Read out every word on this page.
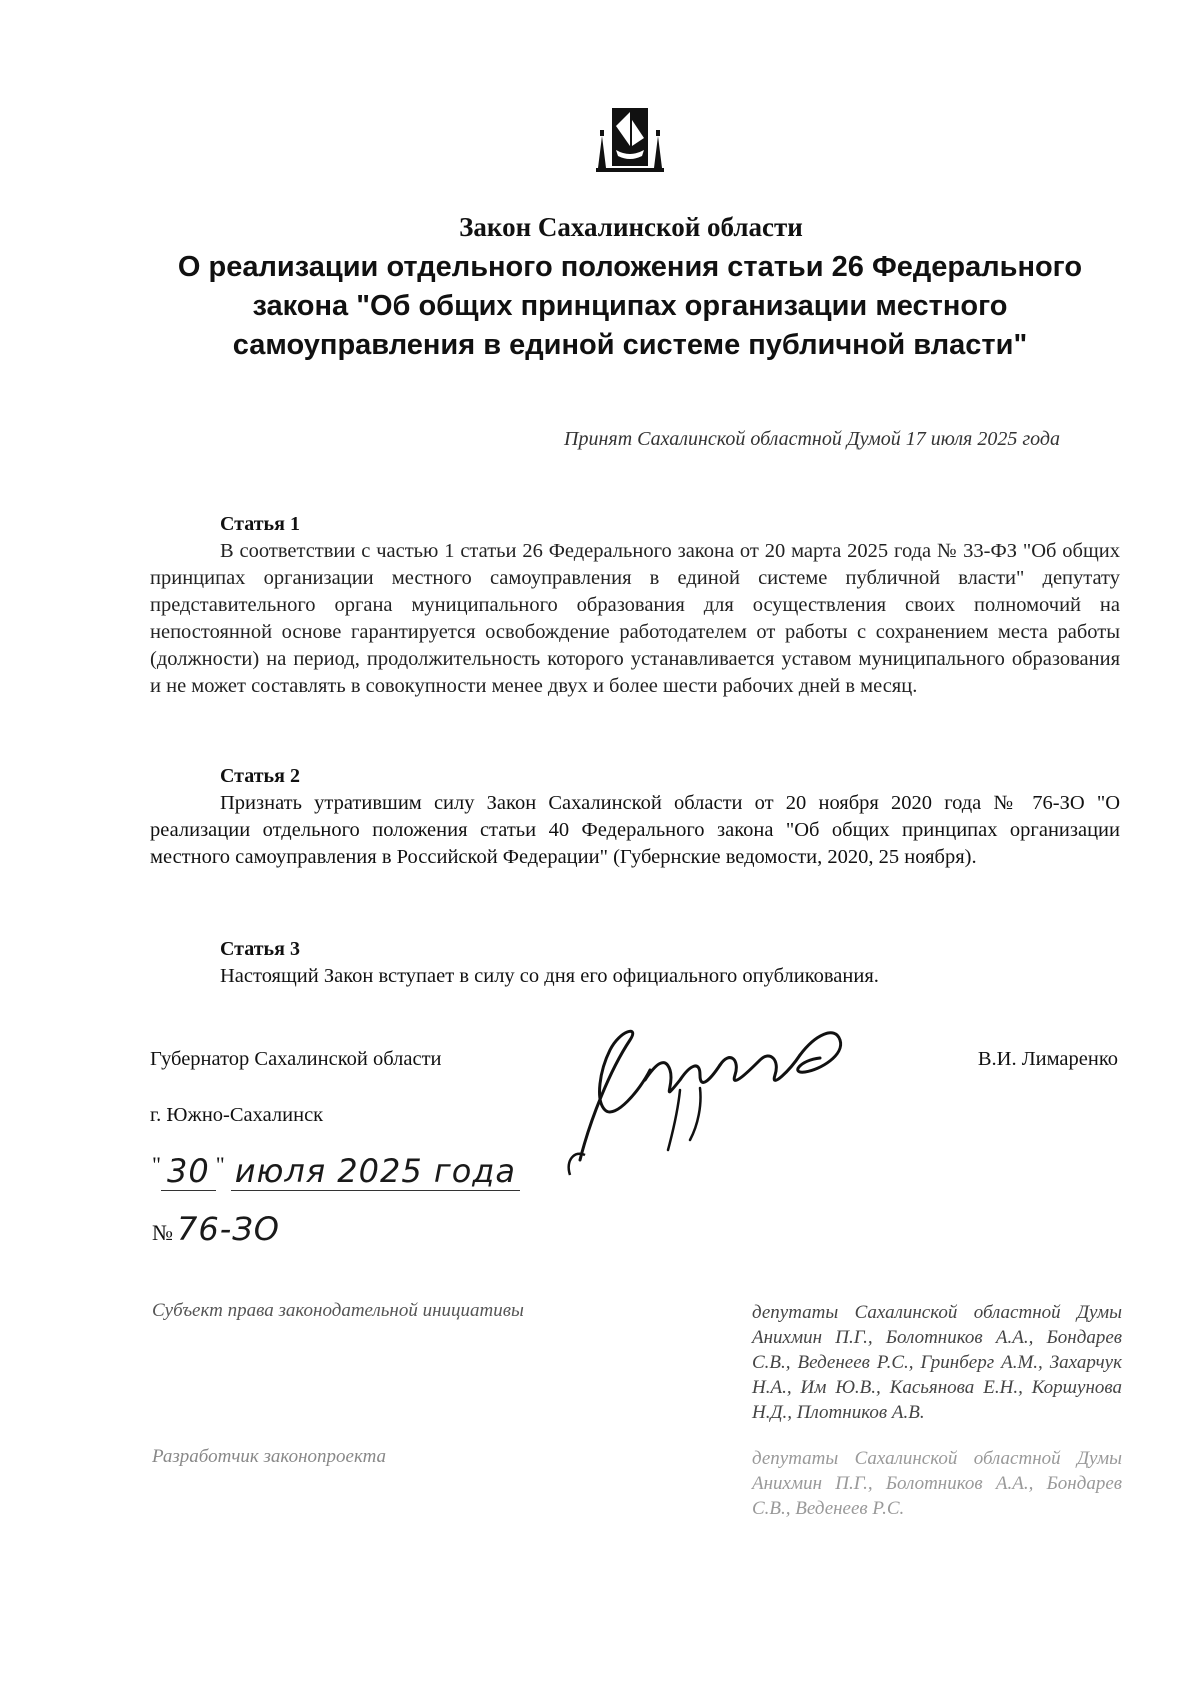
Закон Сахалинской области
О реализации отдельного положения статьи 26 Федерального закона "Об общих принципах организации местного самоуправления в единой системе публичной власти"
Принят Сахалинской областной Думой 17 июля 2025 года
Статья 1

В соответствии с частью 1 статьи 26 Федерального закона от 20 марта 2025 года № 33-ФЗ "Об общих принципах организации местного самоуправления в единой системе публичной власти" депутату представительного органа муниципального образования для осуществления своих полномочий на непостоянной основе гарантируется освобождение работодателем от работы с сохранением места работы (должности) на период, продолжительность которого устанавливается уставом муниципального образования и не может составлять в совокупности менее двух и более шести рабочих дней в месяц.

Статья 2

Признать утратившим силу Закон Сахалинской области от 20 ноября 2020 года № 76-ЗО "О реализации отдельного положения статьи 40 Федерального закона "Об общих принципах организации местного самоуправления в Российской Федерации" (Губернские ведомости, 2020, 25 ноября).

Статья 3

Настоящий Закон вступает в силу со дня его официального опубликования.

Губернатор Сахалинской области	В.И. Лимаренко
г. Южно-Сахалинск
" 30 " июля 2025 года
№ 76-ЗО
Субъект права законодательной инициативы	депутаты Сахалинской областной Думы Анихмин П.Г., Болотников А.А., Бондарев С.В., Веденеев Р.С., Гринберг А.М., Захарчук Н.А., Им Ю.В., Касьянова Е.Н., Коршунова Н.Д., Плотников А.В.
Разработчик законопроекта	депутаты Сахалинской областной Думы Анихмин П.Г., Болотников А.А., Бондарев С.В., Веденеев Р.С.
